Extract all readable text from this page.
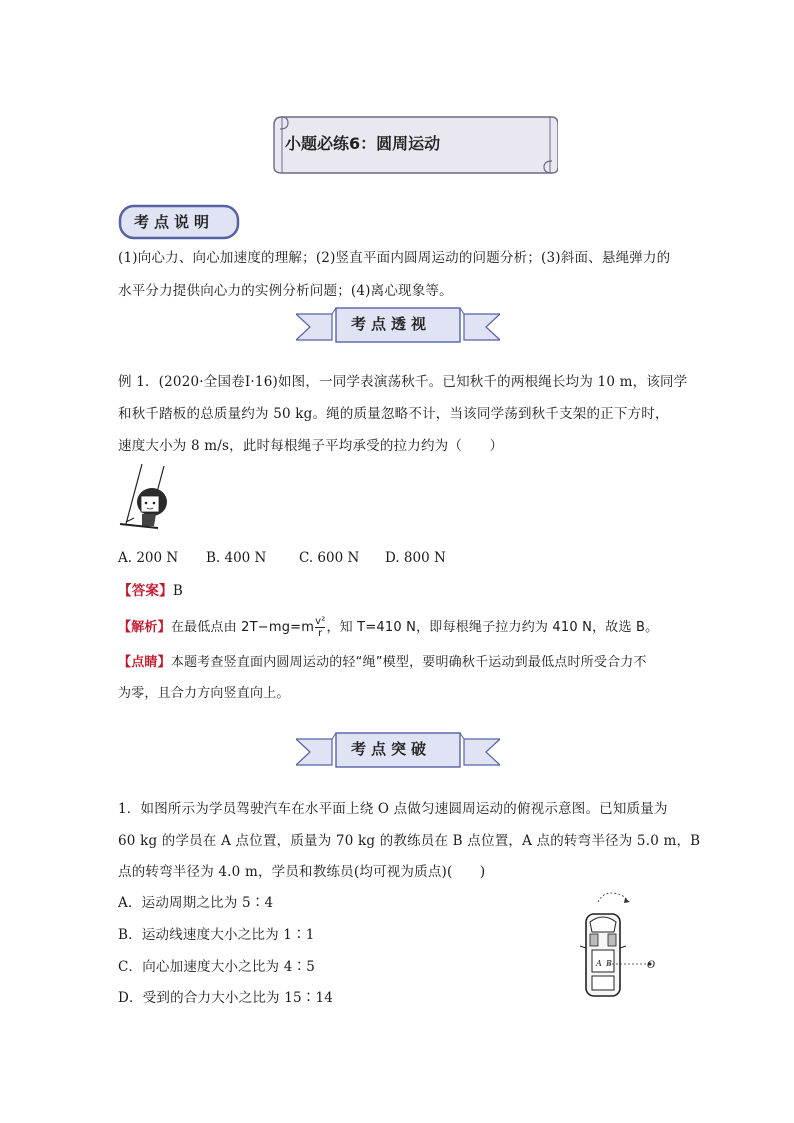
小题必练6：圆周运动
考点说明
(1)向心力、向心加速度的理解；(2)竖直平面内圆周运动的问题分析；(3)斜面、悬绳弹力的
水平分力提供向心力的实例分析问题；(4)离心现象等。
考点透视
例 1．(2020·全国卷Ⅰ·16)如图，一同学表演荡秋千。已知秋千的两根绳长均为 10 m，该同学
和秋千踏板的总质量约为 50 kg。绳的质量忽略不计，当该同学荡到秋千支架的正下方时，
速度大小为 8 m/s，此时每根绳子平均承受的拉力约为（　　）
A. 200 N B. 400 N C. 600 N D. 800 N
【答案】B
【解析】在最低点由 $2T-mg=m \frac{\text{v²}}{r}$ ，知 T=410 N，即每根绳子拉力约为 410 N，故选 B。
【点睛】本题考查竖直面内圆周运动的轻“绳”模型，要明确秋千运动到最低点时所受合力不
为零，且合力方向竖直向上。
考点突破
1．如图所示为学员驾驶汽车在水平面上绕 O 点做匀速圆周运动的俯视示意图。已知质量为
60 kg 的学员在 A 点位置，质量为 70 kg 的教练员在 B 点位置，A 点的转弯半径为 5.0 m，B
点的转弯半径为 4.0 m，学员和教练员(均可视为质点)(　　)
A．运动周期之比为 5∶4
B．运动线速度大小之比为 1∶1
C．向心加速度大小之比为 4∶5
D．受到的合力大小之比为 15∶14
A B	O
